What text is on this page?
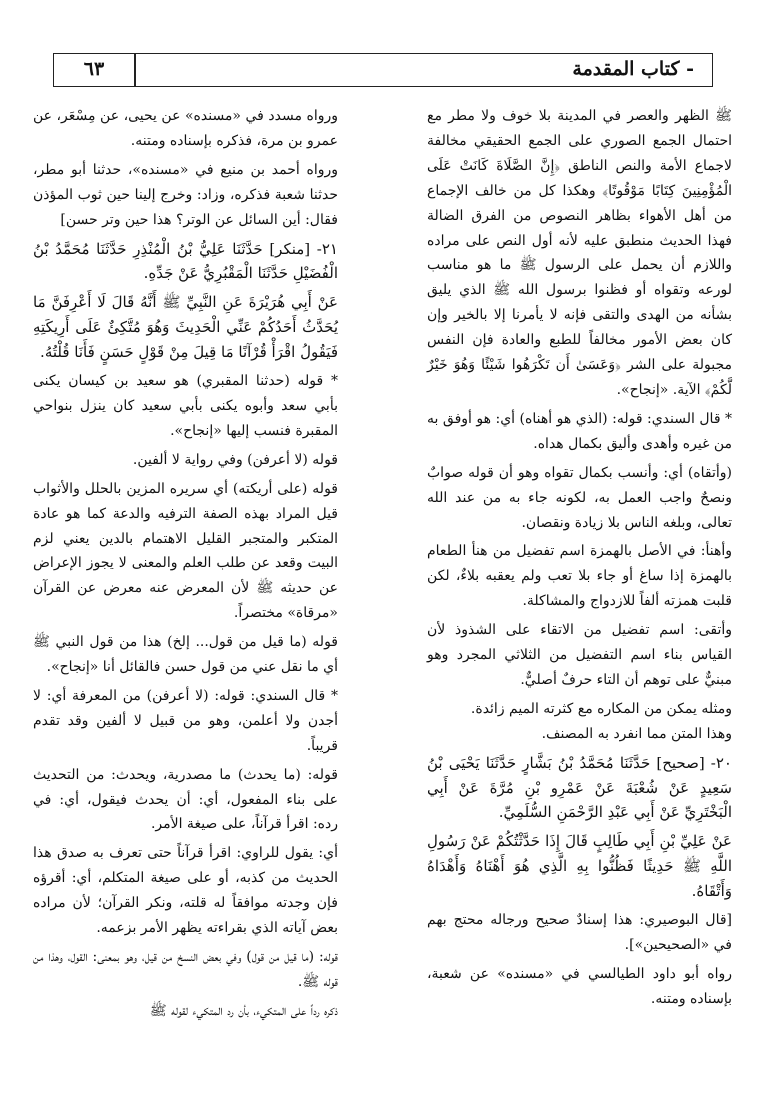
- كتاب المقدمة
٦٣

ﷺ الظهر والعصر في المدينة بلا خوف ولا مطر مع احتمال الجمع الصوري على الجمع الحقيقي مخالفة لاجماع الأمة والنص الناطق ﴿إِنَّ الصَّلَاةَ كَانَتْ عَلَى الْمُؤْمِنِينَ كِتَابًا مَوْقُوتًا﴾ وهكذا كل من خالف الإجماع من أهل الأهواء بظاهر النصوص من الفرق الضالة فهذا الحديث منطبق عليه لأنه أول النص على مراده واللازم أن يحمل على الرسول ﷺ ما هو مناسب لورعه وتقواه أو فظنوا برسول الله ﷺ الذي يليق بشأنه من الهدى والتقى فإنه لا يأمرنا إلا بالخير وإن كان بعض الأمور مخالفاً للطبع والعادة فإن النفس مجبولة على الشر ﴿وَعَسَىٰ أَن تَكْرَهُوا شَيْئًا وَهُوَ خَيْرٌ لَّكُمْ﴾ الآية. «إنجاح».

* قال السندي: قوله: (الذي هو أهناه) أي: هو أوفق به من غيره وأهدى وأليق بكمال هداه.

(وأتقاه) أي: وأنسب بكمال تقواه وهو أن قوله صوابٌ ونصحٌ واجب العمل به، لكونه جاء به من عند الله تعالى، وبلغه الناس بلا زيادة ونقصان.

وأهنأ: في الأصل بالهمزة اسم تفضيل من هنأ الطعام بالهمزة إذا ساغ أو جاء بلا تعب ولم يعقبه بلاءٌ، لكن قلبت همزته ألفاً للازدواج والمشاكلة.

وأتقى: اسم تفضيل من الاتقاء على الشذوذ لأن القياس بناء اسم التفضيل من الثلاثي المجرد وهو مبنيٌّ على توهم أن التاء حرفٌ أصليٌّ.

ومثله يمكن من المكاره مع كثرته الميم زائدة.

وهذا المتن مما انفرد به المصنف.

٢٠- [صحيح] حَدَّثَنَا مُحَمَّدُ بْنُ بَشَّارٍ حَدَّثَنَا يَحْيَى بْنُ سَعِيدٍ عَنْ شُعْبَةَ عَنْ عَمْرِو بْنِ مُرَّةَ عَنْ أَبِي الْبَخْتَرِيِّ عَنْ أَبِي عَبْدِ الرَّحْمَنِ السُّلَمِيِّ.

عَنْ عَلِيِّ بْنِ أَبِي طَالِبٍ قَالَ إِذَا حَدَّثْتُكُمْ عَنْ رَسُولِ اللَّهِ ﷺ حَدِيثًا فَظُنُّوا بِهِ الَّذِي هُوَ أَهْنَاهُ وَأَهْدَاهُ وَأَتْقَاهُ.

[قال البوصيري: هذا إسنادٌ صحيح ورجاله محتج بهم في «الصحيحين»].

رواه أبو داود الطيالسي في «مسنده» عن شعبة، بإسناده ومتنه.

ورواه مسدد في «مسنده» عن يحيى، عن مِسْعَر، عن عمرو بن مرة، فذكره بإسناده ومتنه.

ورواه أحمد بن منيع في «مسنده»، حدثنا أبو مطر، حدثنا شعبة فذكره، وزاد: وخرج إلينا حين ثوب المؤذن فقال: أين السائل عن الوتر؟ هذا حين وتر حسن]

٢١- [منكر] حَدَّثَنَا عَلِيُّ بْنُ الْمُنْذِرِ حَدَّثَنَا مُحَمَّدُ بْنُ الْفُضَيْلِ حَدَّثَنَا الْمَقْبُرِيُّ عَنْ جَدِّهِ.

عَنْ أَبِي هُرَيْرَةَ عَنِ النَّبِيِّ ﷺ أَنَّهُ قَالَ لَا أَعْرِفَنَّ مَا يُحَدَّثُ أَحَدُكُمْ عَنِّي الْحَدِيثَ وَهُوَ مُتَّكِئٌ عَلَى أَرِيكَتِهِ فَيَقُولُ اقْرَأْ قُرْآنًا مَا قِيلَ مِنْ قَوْلٍ حَسَنٍ فَأَنَا قُلْتُهُ.

* قوله (حدثنا المقبري) هو سعيد بن كيسان يكنى بأبي سعد وأبوه يكنى بأبي سعيد كان ينزل بنواحي المقبرة فنسب إليها «إنجاح».

قوله (لا أعرفن) وفي رواية لا ألفين.

قوله (على أريكته) أي سريره المزين بالحلل والأثواب قيل المراد بهذه الصفة الترفيه والدعة كما هو عادة المتكبر والمتجبر القليل الاهتمام بالدين يعني لزم البيت وقعد عن طلب العلم والمعنى لا يجوز الإعراض عن حديثه ﷺ لأن المعرض عنه معرض عن القرآن «مرقاة» مختصراً.

قوله (ما قيل من قول... إلخ) هذا من قول النبي ﷺ أي ما نقل عني من قول حسن فالقائل أنا «إنجاح».

* قال السندي: قوله: (لا أعرفن) من المعرفة أي: لا أجدن ولا أعلمن، وهو من قبيل لا ألفين وقد تقدم قريباً.

قوله: (ما يحدث) ما مصدرية، ويحدث: من التحديث على بناء المفعول، أي: أن يحدث فيقول، أي: في رده: اقرأ قرآناً، على صيغة الأمر.

أي: يقول للراوي: اقرأ قرآناً حتى تعرف به صدق هذا الحديث من كذبه، أو على صيغة المتكلم، أي: أقرؤه فإن وجدته موافقاً له قلته، ونكر القرآن؛ لأن مراده بعض آياته الذي بقراءته يظهر الأمر بزعمه.

قوله: (ما قيل من قول) وفي بعض النسخ من قيل، وهو بمعنى: القول، وهذا من قوله ﷺ.

ذكره رداً على المتكيء، بأن رد المتكيء لقوله ﷺ
